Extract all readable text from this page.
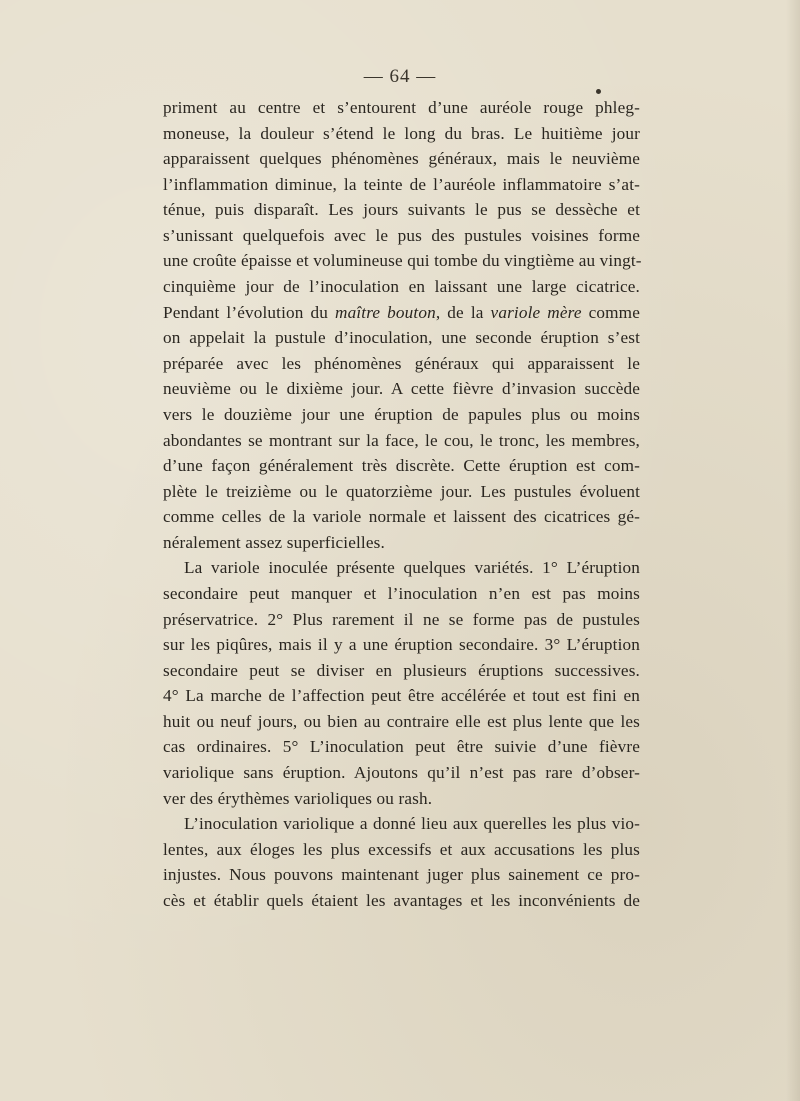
— 64 —
priment au centre et s’entourent d’une auréole rouge phleg-
moneuse, la douleur s’étend le long du bras. Le huitième jour
apparaissent quelques phénomènes généraux, mais le neuvième
l’inflammation diminue, la teinte de l’auréole inflammatoire s’at-
ténue, puis disparaît. Les jours suivants le pus se dessèche et
s’unissant quelquefois avec le pus des pustules voisines forme
une croûte épaisse et volumineuse qui tombe du vingtième au vingt-
cinquième jour de l’inoculation en laissant une large cicatrice.
Pendant l’évolution du maître bouton, de la variole mère comme
on appelait la pustule d’inoculation, une seconde éruption s’est
préparée avec les phénomènes généraux qui apparaissent le
neuvième ou le dixième jour. A cette fièvre d’invasion succède
vers le douzième jour une éruption de papules plus ou moins
abondantes se montrant sur la face, le cou, le tronc, les membres,
d’une façon généralement très discrète. Cette éruption est com-
plète le treizième ou le quatorzième jour. Les pustules évoluent
comme celles de la variole normale et laissent des cicatrices gé-
néralement assez superficielles.
La variole inoculée présente quelques variétés. 1° L’éruption
secondaire peut manquer et l’inoculation n’en est pas moins
préservatrice. 2° Plus rarement il ne se forme pas de pustules
sur les piqûres, mais il y a une éruption secondaire. 3° L’éruption
secondaire peut se diviser en plusieurs éruptions successives.
4° La marche de l’affection peut être accélérée et tout est fini en
huit ou neuf jours, ou bien au contraire elle est plus lente que les
cas ordinaires. 5° L’inoculation peut être suivie d’une fièvre
variolique sans éruption. Ajoutons qu’il n’est pas rare d’obser-
ver des érythèmes varioliques ou rash.
L’inoculation variolique a donné lieu aux querelles les plus vio-
lentes, aux éloges les plus excessifs et aux accusations les plus
injustes. Nous pouvons maintenant juger plus sainement ce pro-
cès et établir quels étaient les avantages et les inconvénients de
